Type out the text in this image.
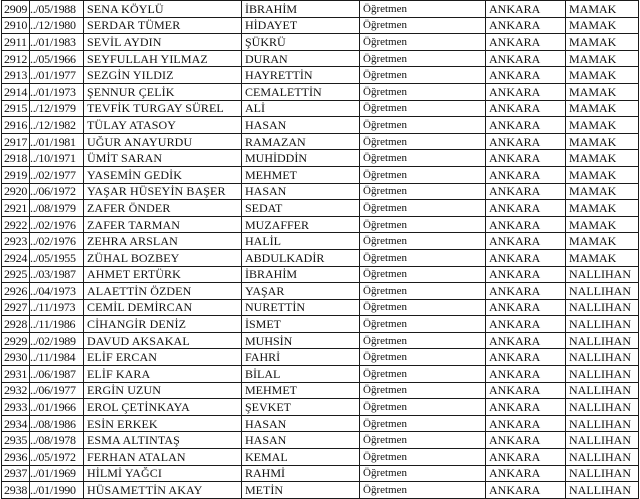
2909	../05/1988	SENA KÖYLÜ	İBRAHİM	Öğretmen	ANKARA	MAMAK
2910	../12/1980	SERDAR TÜMER	HİDAYET	Öğretmen	ANKARA	MAMAK
2911	../01/1983	SEVİL AYDIN	ŞÜKRÜ	Öğretmen	ANKARA	MAMAK
2912	../05/1966	SEYFULLAH YILMAZ	DURAN	Öğretmen	ANKARA	MAMAK
2913	../01/1977	SEZGİN YILDIZ	HAYRETTİN	Öğretmen	ANKARA	MAMAK
2914	../01/1973	ŞENNUR ÇELİK	CEMALETTİN	Öğretmen	ANKARA	MAMAK
2915	../12/1979	TEVFİK TURGAY SÜREL	ALİ	Öğretmen	ANKARA	MAMAK
2916	../12/1982	TÜLAY ATASOY	HASAN	Öğretmen	ANKARA	MAMAK
2917	../01/1981	UĞUR ANAYURDU	RAMAZAN	Öğretmen	ANKARA	MAMAK
2918	../10/1971	ÜMİT SARAN	MUHİDDİN	Öğretmen	ANKARA	MAMAK
2919	../02/1977	YASEMİN GEDİK	MEHMET	Öğretmen	ANKARA	MAMAK
2920	../06/1972	YAŞAR HÜSEYİN BAŞER	HASAN	Öğretmen	ANKARA	MAMAK
2921	../08/1979	ZAFER ÖNDER	SEDAT	Öğretmen	ANKARA	MAMAK
2922	../02/1976	ZAFER TARMAN	MUZAFFER	Öğretmen	ANKARA	MAMAK
2923	../02/1976	ZEHRA ARSLAN	HALİL	Öğretmen	ANKARA	MAMAK
2924	../05/1955	ZÜHAL BOZBEY	ABDULKADİR	Öğretmen	ANKARA	MAMAK
2925	../03/1987	AHMET ERTÜRK	İBRAHİM	Öğretmen	ANKARA	NALLIHAN
2926	../04/1973	ALAETTİN ÖZDEN	YAŞAR	Öğretmen	ANKARA	NALLIHAN
2927	../11/1973	CEMİL DEMİRCAN	NURETTİN	Öğretmen	ANKARA	NALLIHAN
2928	../11/1986	CİHANGİR DENİZ	İSMET	Öğretmen	ANKARA	NALLIHAN
2929	../02/1989	DAVUD AKSAKAL	MUHSİN	Öğretmen	ANKARA	NALLIHAN
2930	../11/1984	ELİF ERCAN	FAHRİ	Öğretmen	ANKARA	NALLIHAN
2931	../06/1987	ELİF KARA	BİLAL	Öğretmen	ANKARA	NALLIHAN
2932	../06/1977	ERGİN UZUN	MEHMET	Öğretmen	ANKARA	NALLIHAN
2933	../01/1966	EROL ÇETİNKAYA	ŞEVKET	Öğretmen	ANKARA	NALLIHAN
2934	../08/1986	ESİN ERKEK	HASAN	Öğretmen	ANKARA	NALLIHAN
2935	../08/1978	ESMA ALTINTAŞ	HASAN	Öğretmen	ANKARA	NALLIHAN
2936	../05/1972	FERHAN ATALAN	KEMAL	Öğretmen	ANKARA	NALLIHAN
2937	../01/1969	HİLMİ YAĞCI	RAHMİ	Öğretmen	ANKARA	NALLIHAN
2938	../01/1990	HÜSAMETTİN AKAY	METİN	Öğretmen	ANKARA	NALLIHAN
